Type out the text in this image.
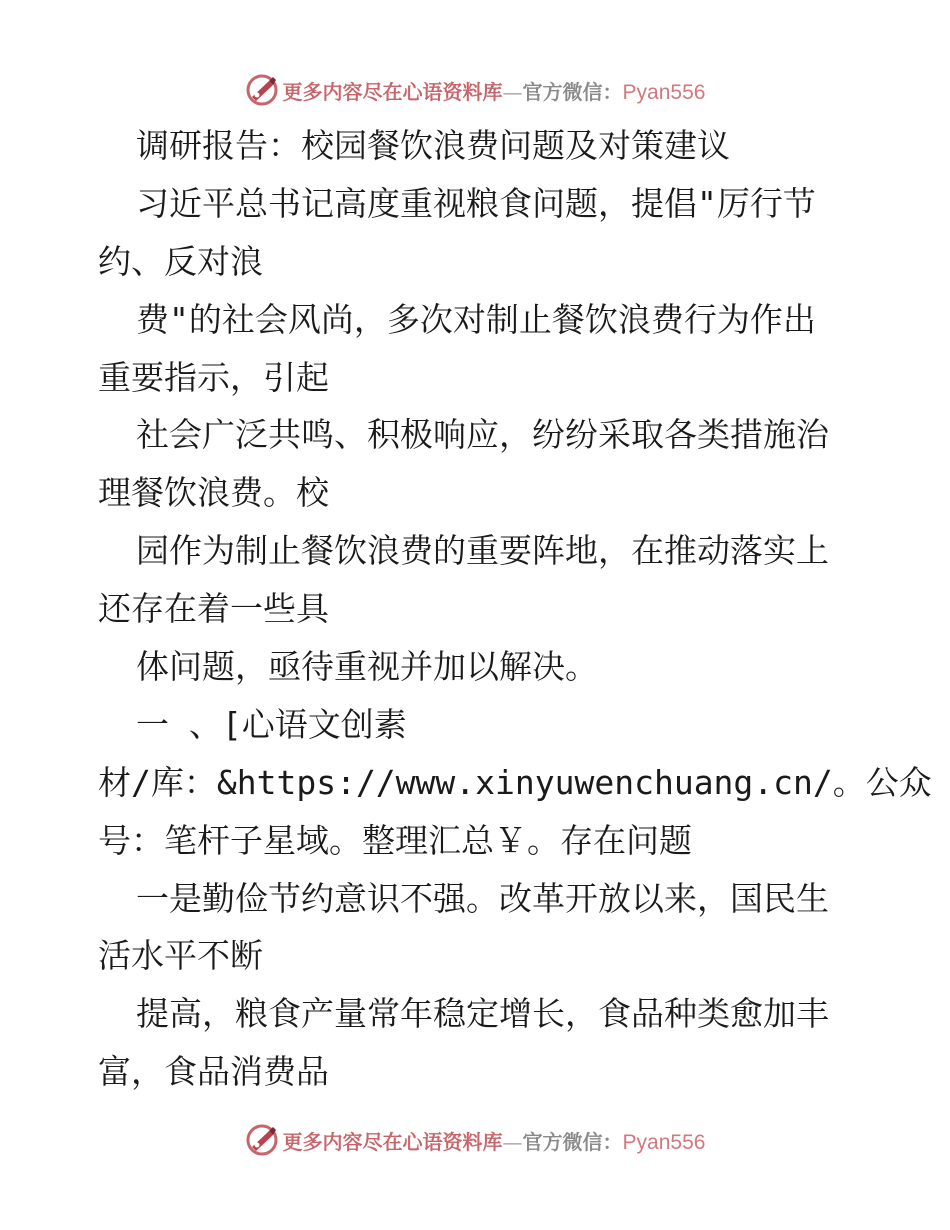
更多内容尽在心语资料库—官方微信：Pyan556
调研报告：校园餐饮浪费问题及对策建议
习近平总书记高度重视粮食问题，提倡"厉行节
约、反对浪
费"的社会风尚，多次对制止餐饮浪费行为作出
重要指示，引起
社会广泛共鸣、积极响应，纷纷采取各类措施治
理餐饮浪费。校
园作为制止餐饮浪费的重要阵地，在推动落实上
还存在着一些具
体问题，亟待重视并加以解决。
一 、[心语文创素
材/库：&https://www.xinyuwenchuang.cn/。公众
号：笔杆子星域。整理汇总￥。存在问题
一是勤俭节约意识不强。改革开放以来，国民生
活水平不断
提高，粮食产量常年稳定增长，食品种类愈加丰
富，食品消费品
更多内容尽在心语资料库—官方微信：Pyan556
